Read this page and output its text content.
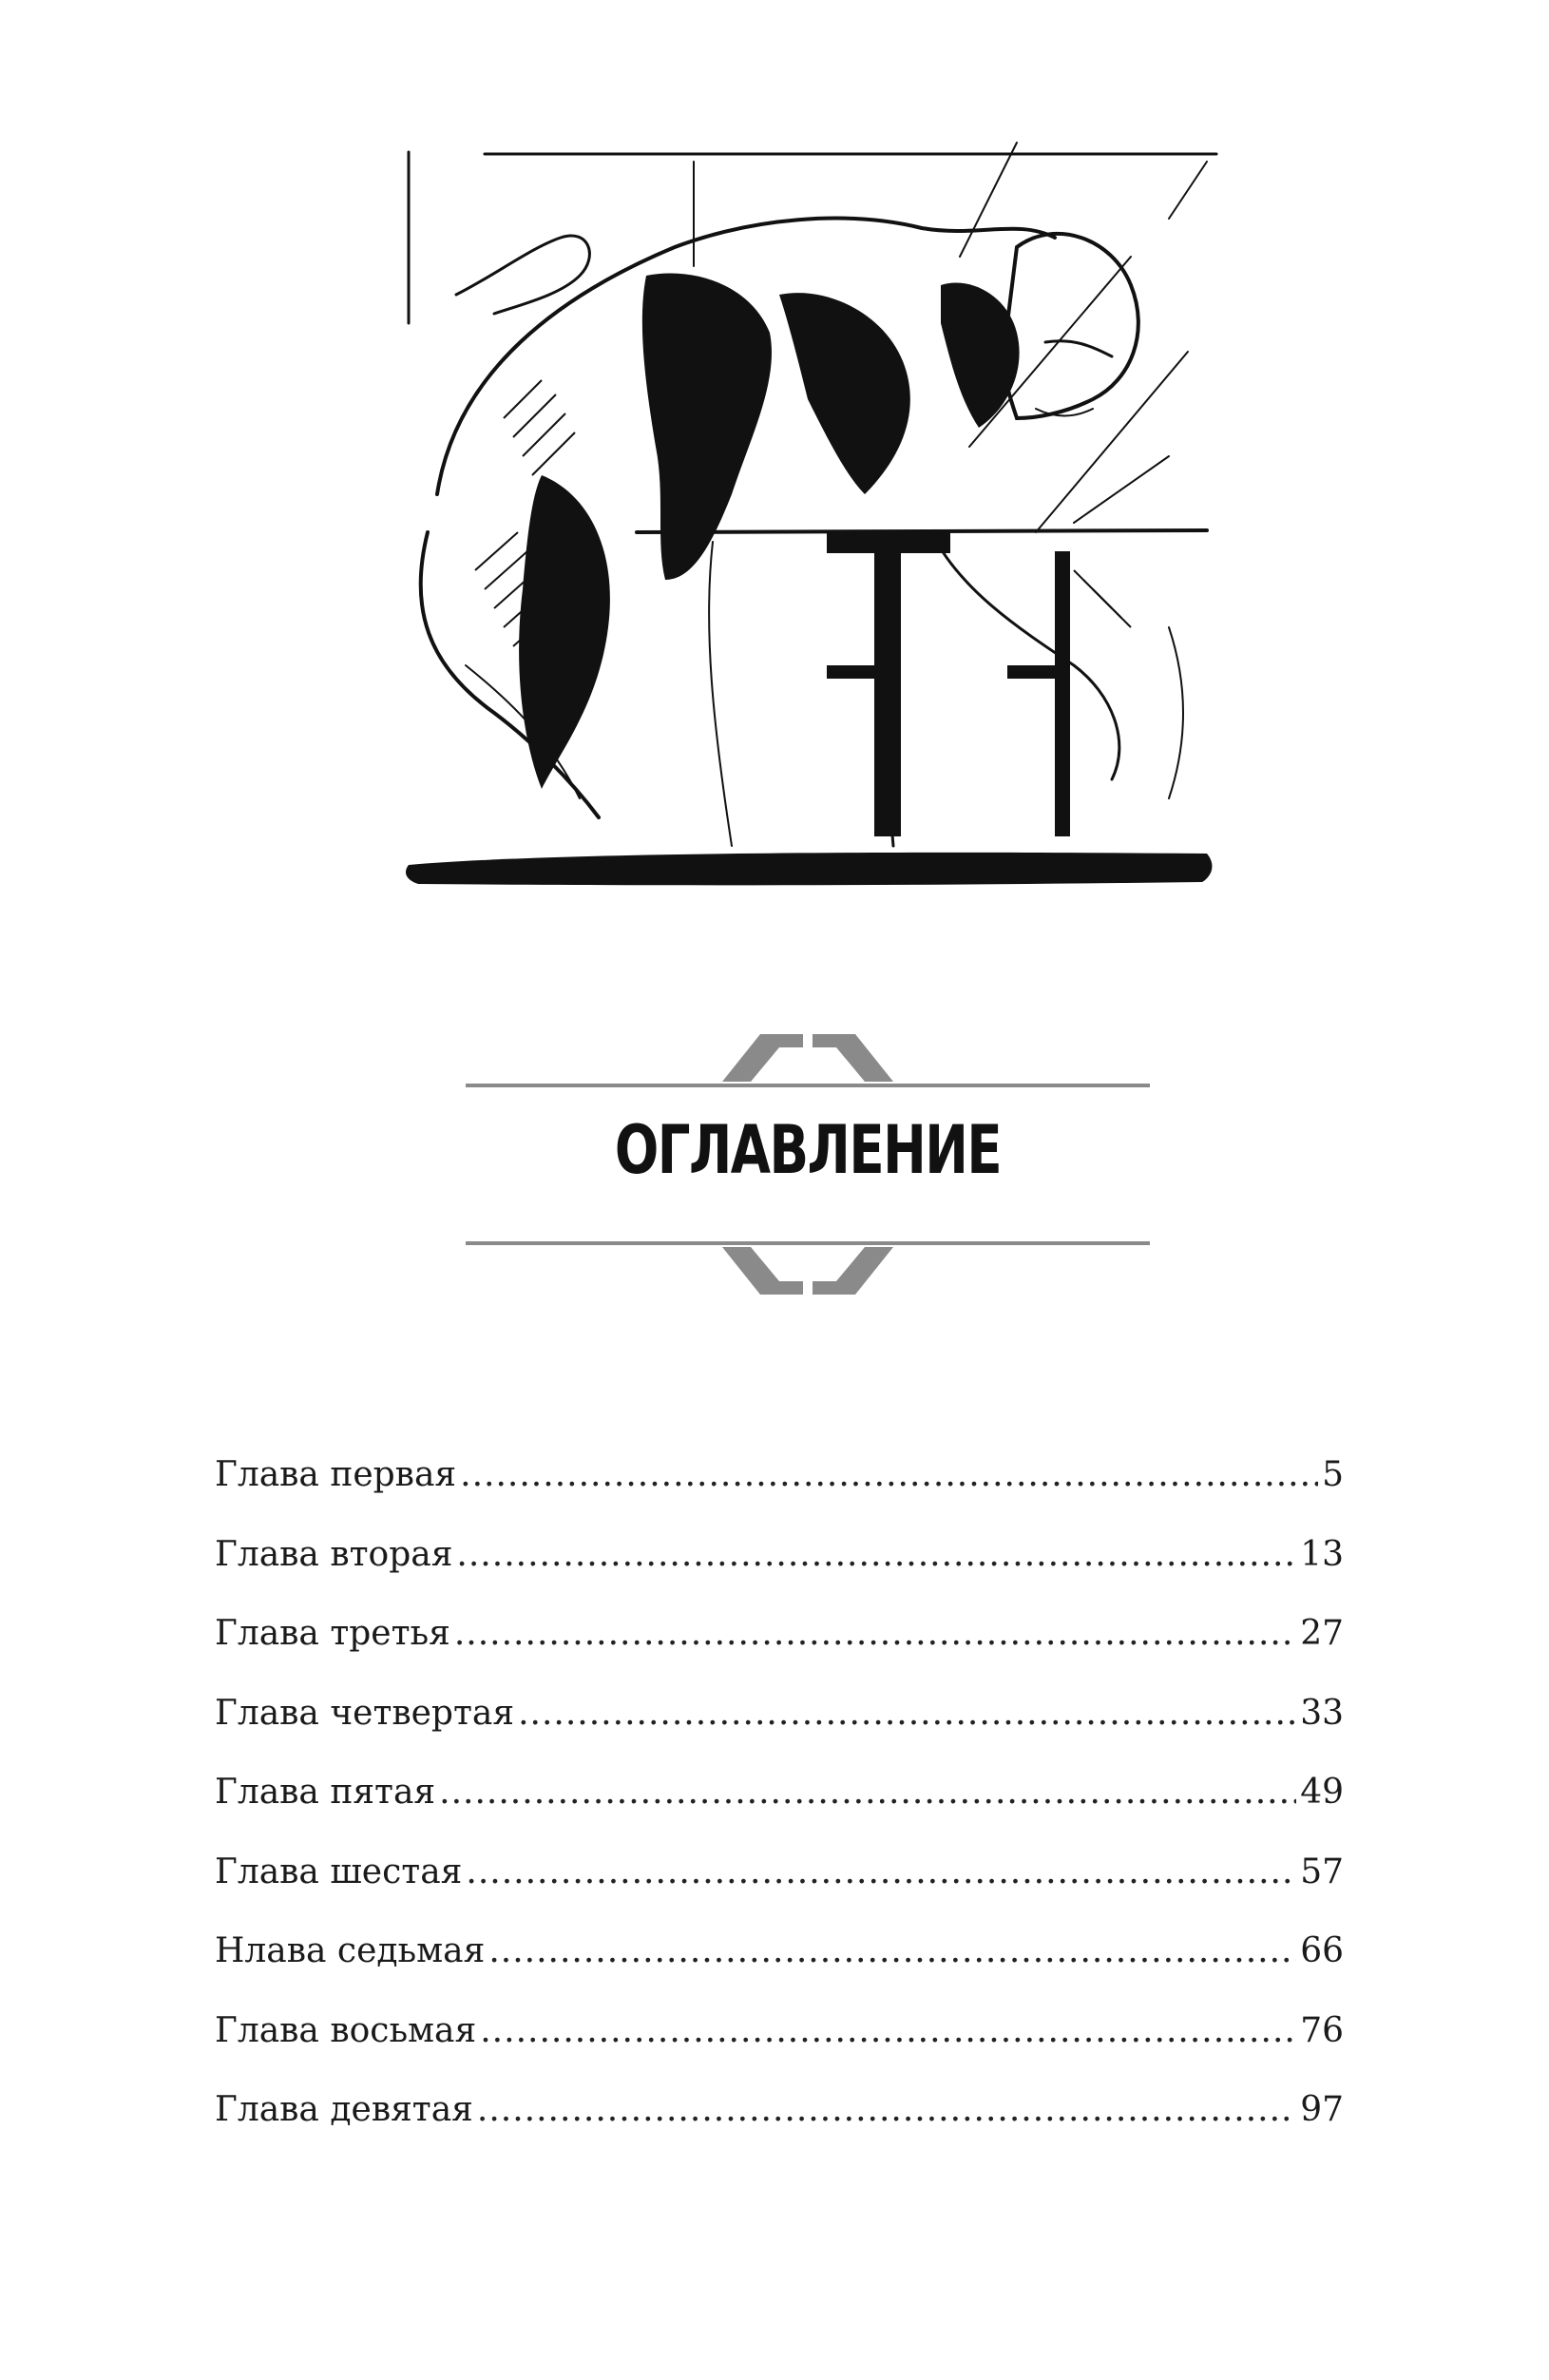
ОГЛАВЛЕНИЕ
Глава первая .....	5
Глава вторая .....	13
Глава третья .....	27
Глава четвертая .....	33
Глава пятая .....	49
Глава шестая .....	57
Нлава седьмая .....	66
Глава восьмая .....	76
Глава девятая .....	97
